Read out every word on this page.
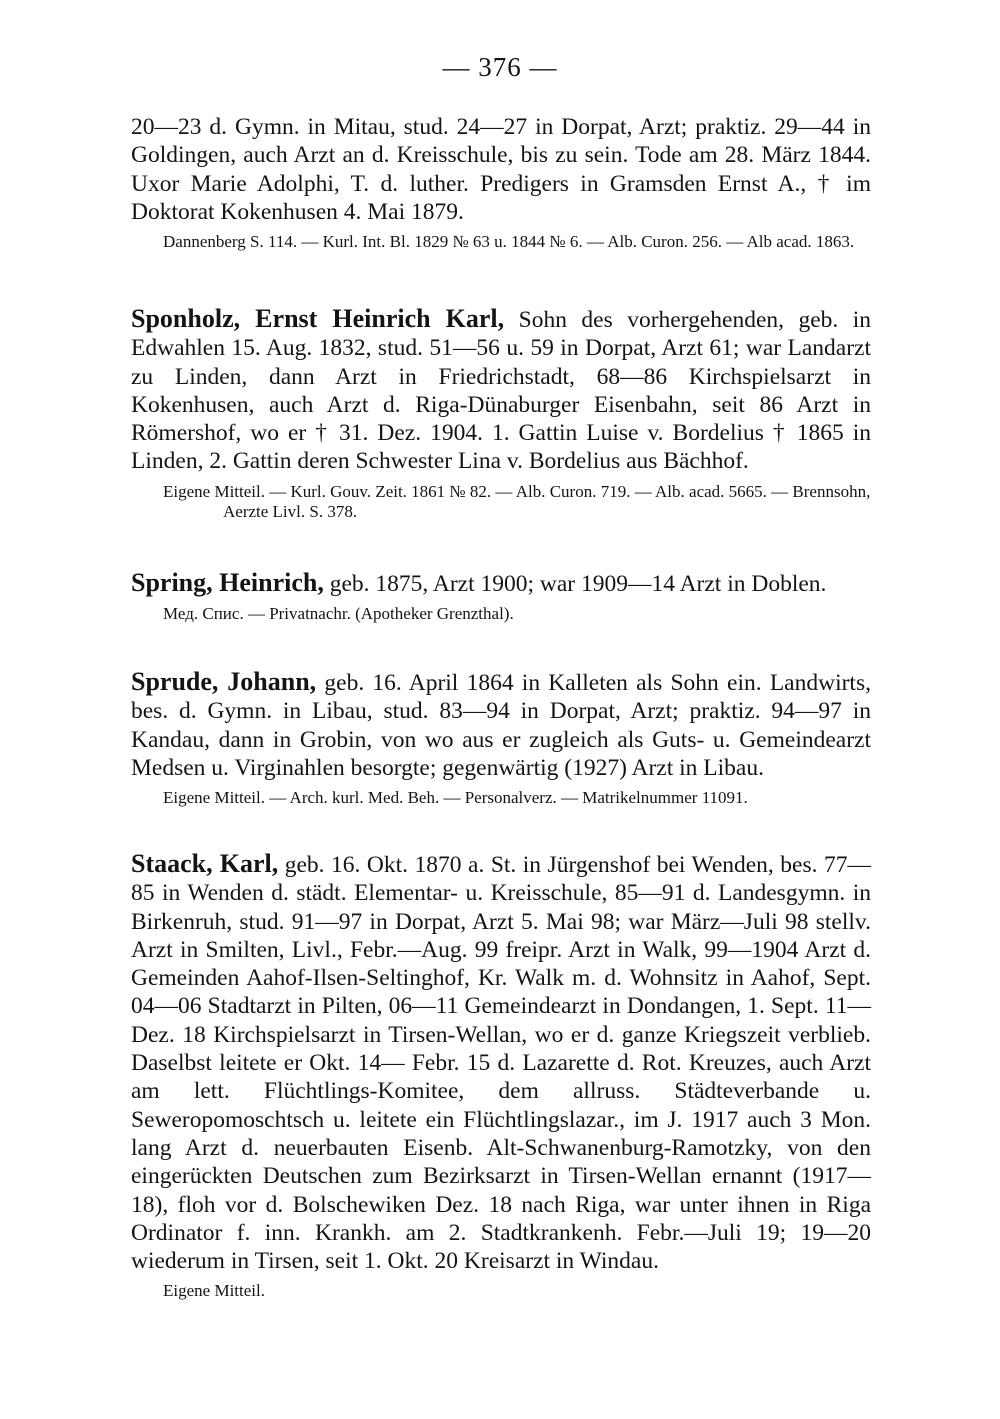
— 376 —

20—23 d. Gymn. in Mitau, stud. 24—27 in Dorpat, Arzt; praktiz. 29—44 in Goldingen, auch Arzt an d. Kreisschule, bis zu sein. Tode am 28. März 1844. Uxor Marie Adolphi, T. d. luther. Predigers in Gramsden Ernst A., † im Doktorat Kokenhusen 4. Mai 1879.

Dannenberg S. 114. — Kurl. Int. Bl. 1829 № 63 u. 1844 № 6. — Alb. Curon. 256. — Alb acad. 1863.

Sponholz, Ernst Heinrich Karl, Sohn des vorhergehenden, geb. in Edwahlen 15. Aug. 1832, stud. 51—56 u. 59 in Dorpat, Arzt 61; war Landarzt zu Linden, dann Arzt in Friedrichstadt, 68—86 Kirchspielsarzt in Kokenhusen, auch Arzt d. Riga-Dünaburger Eisenbahn, seit 86 Arzt in Römershof, wo er † 31. Dez. 1904. 1. Gattin Luise v. Bordelius † 1865 in Linden, 2. Gattin deren Schwester Lina v. Bordelius aus Bächhof.

Eigene Mitteil. — Kurl. Gouv. Zeit. 1861 № 82. — Alb. Curon. 719. — Alb. acad. 5665. — Brennsohn, Aerzte Livl. S. 378.

Spring, Heinrich, geb. 1875, Arzt 1900; war 1909—14 Arzt in Doblen.

Мед. Спис. — Privatnachr. (Apotheker Grenzthal).

Sprude, Johann, geb. 16. April 1864 in Kalleten als Sohn ein. Landwirts, bes. d. Gymn. in Libau, stud. 83—94 in Dorpat, Arzt; praktiz. 94—97 in Kandau, dann in Grobin, von wo aus er zugleich als Guts- u. Gemeindearzt Medsen u. Virginahlen besorgte; gegenwärtig (1927) Arzt in Libau.

Eigene Mitteil. — Arch. kurl. Med. Beh. — Personalverz. — Matrikelnummer 11091.

Staack, Karl, geb. 16. Okt. 1870 a. St. in Jürgenshof bei Wenden, bes. 77—85 in Wenden d. städt. Elementar- u. Kreisschule, 85—91 d. Landesgymn. in Birkenruh, stud. 91—97 in Dorpat, Arzt 5. Mai 98; war März—Juli 98 stellv. Arzt in Smilten, Livl., Febr.—Aug. 99 freipr. Arzt in Walk, 99—1904 Arzt d. Gemeinden Aahof-Ilsen-Seltinghof, Kr. Walk m. d. Wohnsitz in Aahof, Sept. 04—06 Stadtarzt in Pilten, 06—11 Gemeindearzt in Dondangen, 1. Sept. 11— Dez. 18 Kirchspielsarzt in Tirsen-Wellan, wo er d. ganze Kriegszeit verblieb. Daselbst leitete er Okt. 14— Febr. 15 d. Lazarette d. Rot. Kreuzes, auch Arzt am lett. Flüchtlings-Komitee, dem allruss. Städteverbande u. Seweropomoschtsch u. leitete ein Flüchtlingslazar., im J. 1917 auch 3 Mon. lang Arzt d. neuerbauten Eisenb. Alt-Schwanenburg-Ramotzky, von den eingerückten Deutschen zum Bezirksarzt in Tirsen-Wellan ernannt (1917—18), floh vor d. Bolschewiken Dez. 18 nach Riga, war unter ihnen in Riga Ordinator f. inn. Krankh. am 2. Stadtkrankenh. Febr.—Juli 19; 19—20 wiederum in Tirsen, seit 1. Okt. 20 Kreisarzt in Windau.

Eigene Mitteil.
